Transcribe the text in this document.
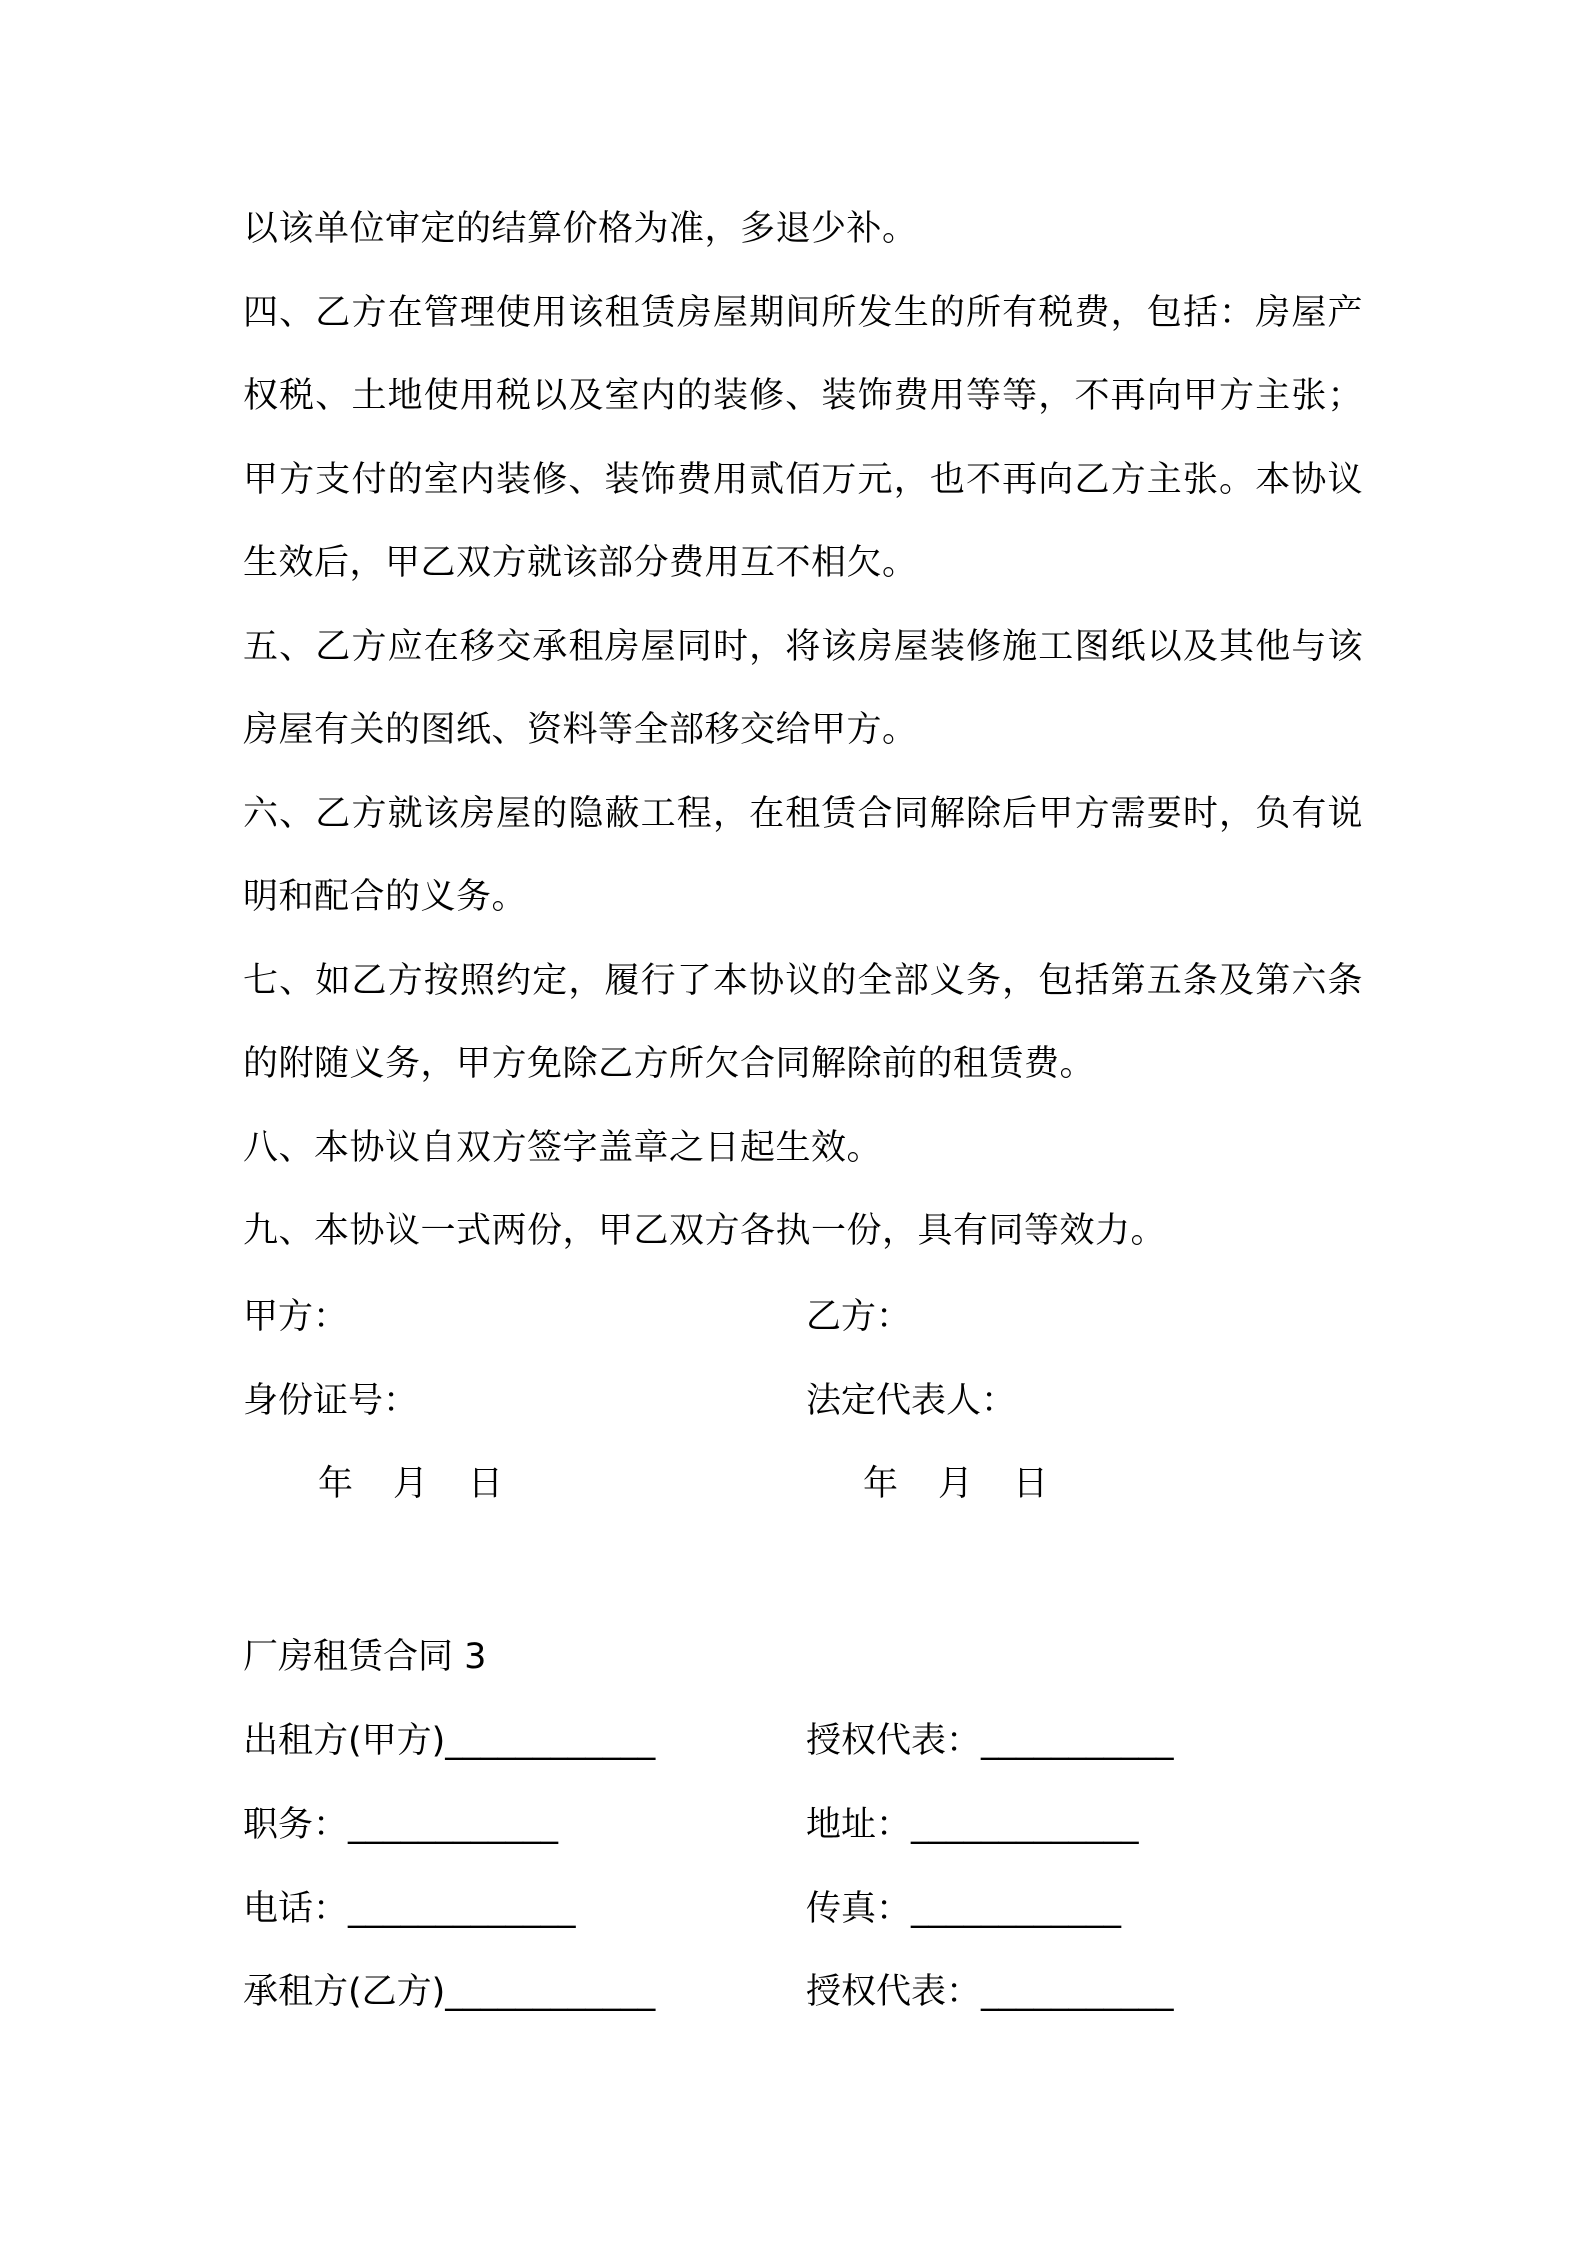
以该单位审定的结算价格为准，多退少补。

四、乙方在管理使用该租赁房屋期间所发生的所有税费，包括：房屋产权税、土地使用税以及室内的装修、装饰费用等等，不再向甲方主张；甲方支付的室内装修、装饰费用贰佰万元，也不再向乙方主张。本协议生效后，甲乙双方就该部分费用互不相欠。

五、乙方应在移交承租房屋同时，将该房屋装修施工图纸以及其他与该房屋有关的图纸、资料等全部移交给甲方。

六、乙方就该房屋的隐蔽工程，在租赁合同解除后甲方需要时，负有说明和配合的义务。

七、如乙方按照约定，履行了本协议的全部义务，包括第五条及第六条的附随义务，甲方免除乙方所欠合同解除前的租赁费。

八、本协议自双方签字盖章之日起生效。

九、本协议一式两份，甲乙双方各执一份，具有同等效力。

甲方：	乙方：
身份证号：	法定代表人：
年 月 日	年 月 日
厂房租赁合同 3
出租方(甲方)____________	授权代表：___________
职务：____________	地址：_____________
电话：_____________	传真：____________
承租方(乙方)____________	授权代表：___________
